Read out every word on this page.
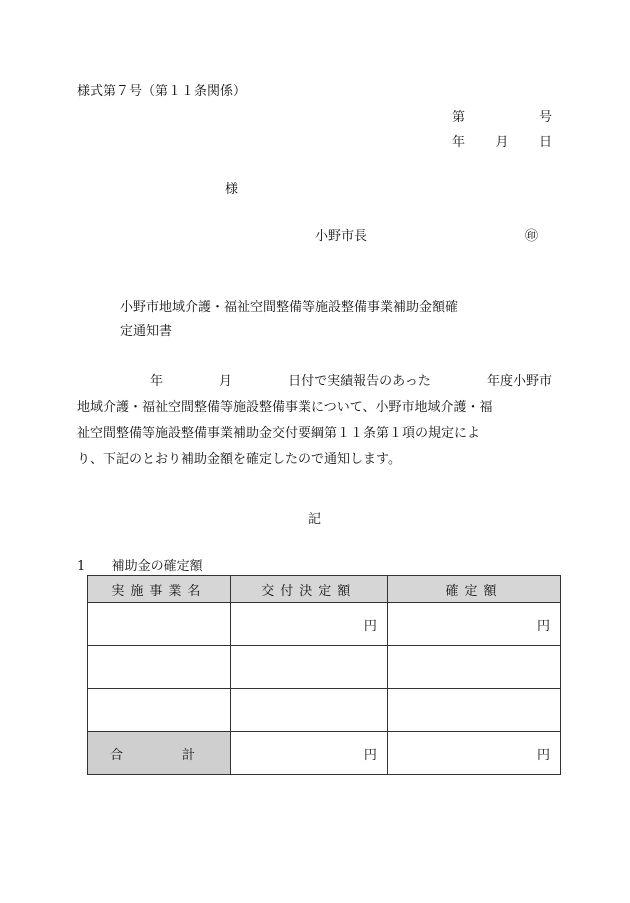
様式第７号（第１１条関係）
第	号
年 月 日
様
小野市長	㊞
小野市地域介護・福祉空間整備等施設整備事業補助金額確
定通知書
年	月	日付で実績報告のあった	年度小野市
地域介護・福祉空間整備等施設整備事業について、小野市地域介護・福
祉空間整備等施設整備事業補助金交付要綱第１１条第１項の規定によ
り、下記のとおり補助金額を確定したので通知します。
記
1 補助金の確定額
実施事業名	交付決定額	確定額
	円	円

合 計	円	円
